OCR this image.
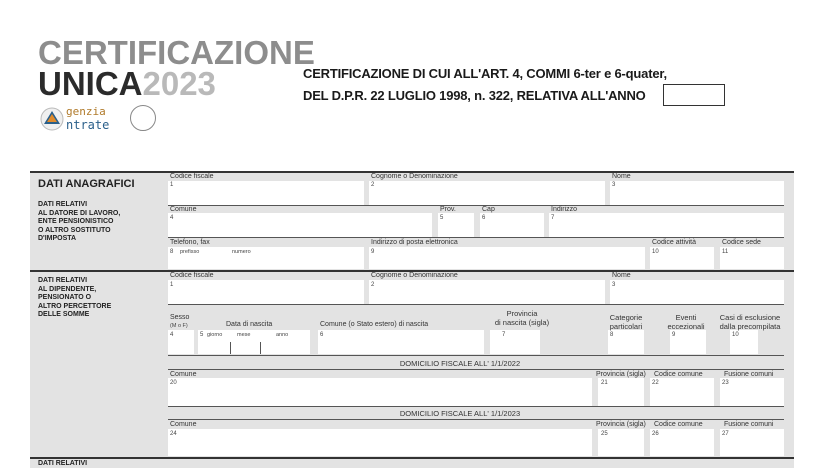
CERTIFICAZIONE
UNICA2023
genzia
ntrate
CERTIFICAZIONE DI CUI ALL'ART. 4, COMMI 6-ter e 6-quater,
DEL D.P.R. 22 LUGLIO 1998, n. 322, RELATIVA ALL'ANNO
DATI ANAGRAFICI
DATI RELATIVI
AL DATORE DI LAVORO,
ENTE PENSIONISTICO
O ALTRO SOSTITUTO
D'IMPOSTA
Codice fiscale
1
Cognome o Denominazione
2
Nome
3
Comune
4
Prov.
5
Cap
6
Indirizzo
7
Telefono, fax
8 prefisso	numero
Indirizzo di posta elettronica
9
Codice attività
10
Codice sede
11
DATI RELATIVI
AL DIPENDENTE,
PENSIONATO O
ALTRO PERCETTORE
DELLE SOMME
Codice fiscale
1
Cognome o Denominazione
2
Nome
3
Sesso
(M o F)
4
Data di nascita
5 giorno	mese	anno
Comune (o Stato estero) di nascita
6
Provincia
di nascita (sigla)
7
Categorie
particolari
8
Eventi
eccezionali
9
Casi di esclusione
dalla precompilata
10
DOMICILIO FISCALE ALL' 1/1/2022
Comune
20
Provincia (sigla)
21
Codice comune
22
Fusione comuni
23
DOMICILIO FISCALE ALL' 1/1/2023
Comune
24
Provincia (sigla)
25
Codice comune
26
Fusione comuni
27
DATI RELATIVI
